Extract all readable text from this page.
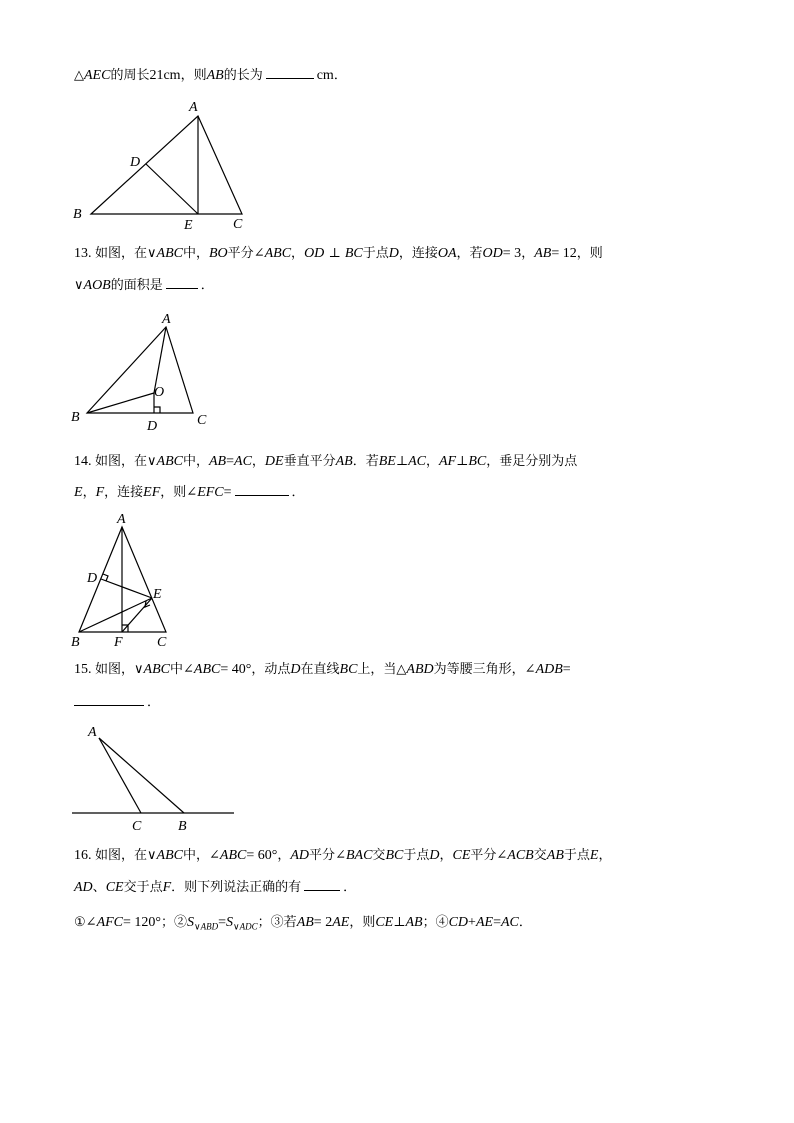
△AEC的周长21cm，则AB的长为	cm．
A
B
C
D
E
13. 如图，在∨ABC中，BO平分∠ABC，OD ⊥ BC于点D，连接OA，若OD= 3，AB= 12，则
∨AOB的面积是	．
A
B	C
D
O
14. 如图，在∨ABC中，AB=AC，DE垂直平分AB．若BE⊥AC，AF⊥BC，垂足分别为点
E，F，连接EF，则∠EFC=	．
A
B	C
D
E
F
15. 如图，∨ABC中∠ABC= 40°，动点D在直线BC上，当△ABD为等腰三角形，∠ADB=
．
A
C	B
16. 如图，在∨ABC中，∠ABC= 60°，AD平分∠BAC交BC于点D，CE平分∠ACB交AB于点E，
AD、CE交于点F．则下列说法正确的有	．
①∠AFC= 120°；$②S_{\vee ABD}=S_{\vee ADC}$；③若AB= 2AE，则CE⊥AB；④CD+AE=AC．
